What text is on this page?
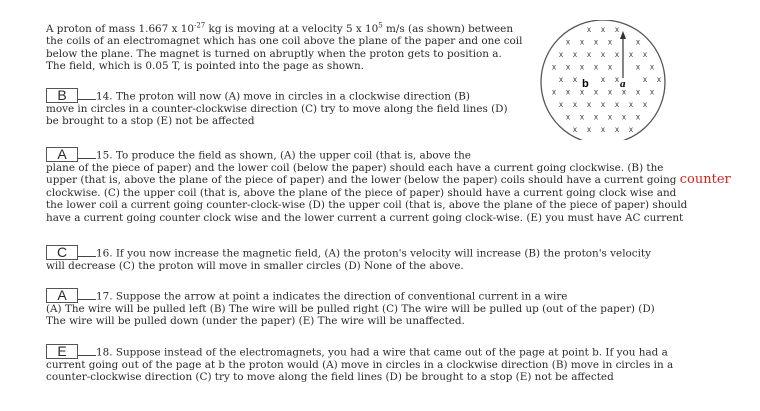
A proton of mass 1.667 x $10^{-27}$ kg is moving at a velocity 5 x $10^5$ m/s (as shown) between

the coils of an electromagnet which has one coil above the plane of the paper and one coil

below the plane. The magnet is turned on abruptly when the proton gets to position a.

The field, which is 0.05 T, is pointed into the page as shown.

x x x
x x x x	x
x x x x x x x
x x x x x	x x
x x	x x	x x
x x x x x x x x
x x x x x x x
x x x x x x
x x x x x
b	a

B	14. The proton will now (A) move in circles in a clockwise direction (B)

move in circles in a counter-clockwise direction (C) try to move along the field lines (D)

be brought to a stop (E) not be affected

A	15. To produce the field as shown, (A) the upper coil (that is, above the

plane of the piece of paper) and the lower coil (below the paper) should each have a current going clockwise. (B) the

upper (that is, above the plane of the piece of paper) and the lower (below the paper) coils should have a current going counter

clockwise. (C) the upper coil (that is, above the plane of the piece of paper) should have a current going clock wise and

the lower coil a current going counter-clock-wise (D) the upper coil (that is, above the plane of the piece of paper) should

have a current going counter clock wise and the lower current a current going clock-wise. (E) you must have AC current

C	16. If you now increase the magnetic field, (A) the proton's velocity will increase (B) the proton's velocity

will decrease (C) the proton will move in smaller circles (D) None of the above.

A	17. Suppose the arrow at point a indicates the direction of conventional current in a wire

(A) The wire will be pulled left (B) The wire will be pulled right (C) The wire will be pulled up (out of the paper) (D)

The wire will be pulled down (under the paper) (E) The wire will be unaffected.

E	18. Suppose instead of the electromagnets, you had a wire that came out of the page at point b. If you had a

current going out of the page at b the proton would (A) move in circles in a clockwise direction (B) move in circles in a

counter-clockwise direction (C) try to move along the field lines (D) be brought to a stop (E) not be affected
